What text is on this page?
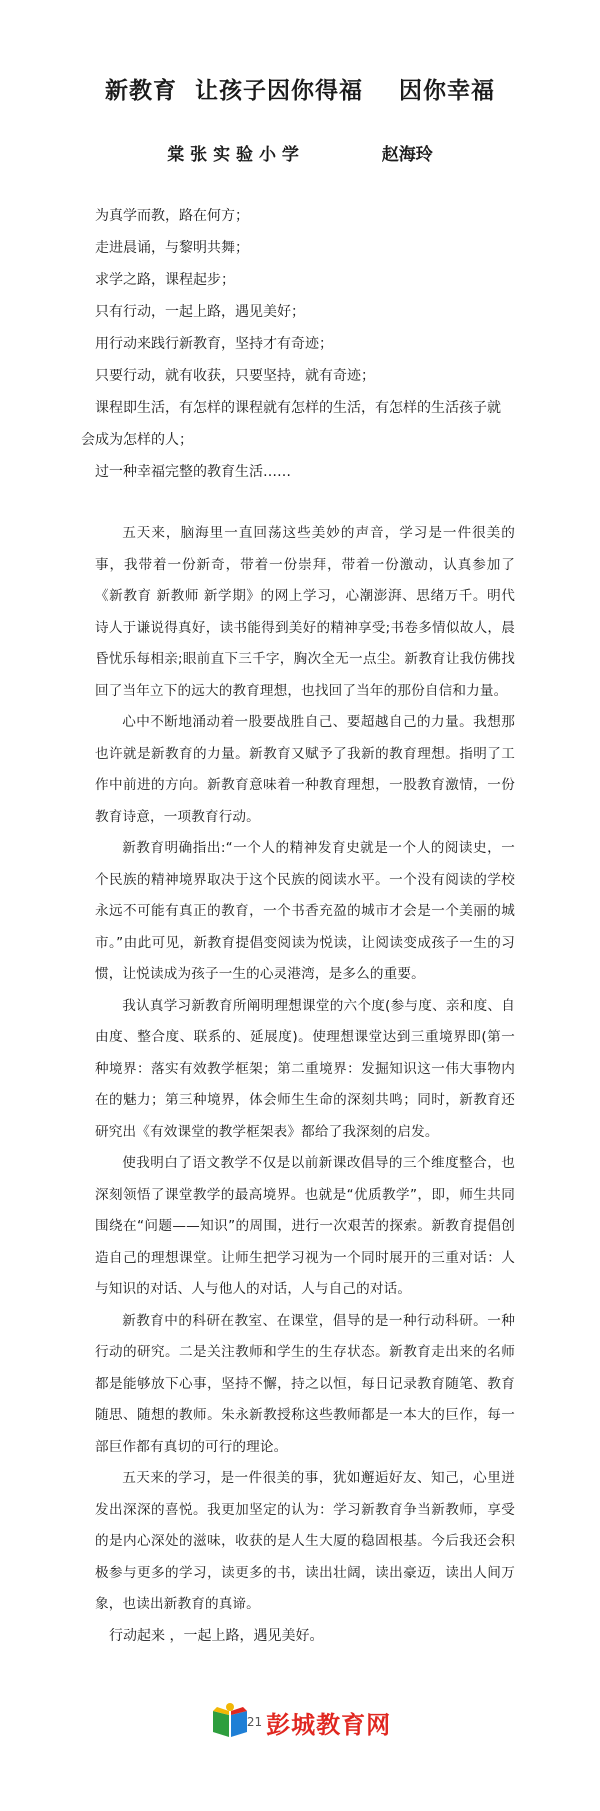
新教育  让孩子因你得福    因你幸福
棠 张 实 验 小 学              赵海玲
为真学而教，路在何方；
走进晨诵，与黎明共舞；
求学之路，课程起步；
只有行动，一起上路，遇见美好；
用行动来践行新教育，坚持才有奇迹；
只要行动，就有收获，只要坚持，就有奇迹；
课程即生活，有怎样的课程就有怎样的生活，有怎样的生活孩子就会成为怎样的人；
过一种幸福完整的教育生活……

五天来，脑海里一直回荡这些美妙的声音，学习是一件很美的事，我带着一份新奇，带着一份崇拜，带着一份激动，认真参加了《新教育 新教师 新学期》的网上学习，心潮澎湃、思绪万千。明代诗人于谦说得真好，读书能得到美好的精神享受;书卷多情似故人，晨昏忧乐每相亲;眼前直下三千字，胸次全无一点尘。新教育让我仿佛找回了当年立下的远大的教育理想，也找回了当年的那份自信和力量。

心中不断地涌动着一股要战胜自己、要超越自己的力量。我想那也许就是新教育的力量。新教育又赋予了我新的教育理想。指明了工作中前进的方向。新教育意味着一种教育理想，一股教育激情，一份教育诗意，一项教育行动。

新教育明确指出:“一个人的精神发育史就是一个人的阅读史，一个民族的精神境界取决于这个民族的阅读水平。一个没有阅读的学校永远不可能有真正的教育，一个书香充盈的城市才会是一个美丽的城市。”由此可见，新教育提倡变阅读为悦读，让阅读变成孩子一生的习惯，让悦读成为孩子一生的心灵港湾，是多么的重要。

我认真学习新教育所阐明理想课堂的六个度(参与度、亲和度、自由度、整合度、联系的、延展度)。使理想课堂达到三重境界即(第一种境界：落实有效教学框架；第二重境界：发掘知识这一伟大事物内在的魅力；第三种境界，体会师生生命的深刻共鸣；同时，新教育还研究出《有效课堂的教学框架表》都给了我深刻的启发。

使我明白了语文教学不仅是以前新课改倡导的三个维度整合，也深刻领悟了课堂教学的最高境界。也就是“优质教学”，即，师生共同围绕在“问题——知识”的周围，进行一次艰苦的探索。新教育提倡创造自己的理想课堂。让师生把学习视为一个同时展开的三重对话：人与知识的对话、人与他人的对话，人与自己的对话。

新教育中的科研在教室、在课堂，倡导的是一种行动科研。一种行动的研究。二是关注教师和学生的生存状态。新教育走出来的名师都是能够放下心事，坚持不懈，持之以恒，每日记录教育随笔、教育随思、随想的教师。朱永新教授称这些教师都是一本大的巨作，每一部巨作都有真切的可行的理论。

五天来的学习，是一件很美的事，犹如邂逅好友、知己，心里迸发出深深的喜悦。我更加坚定的认为：学习新教育争当新教师，享受的是内心深处的滋味，收获的是人生大厦的稳固根基。今后我还会积极参与更多的学习，读更多的书，读出壮阔，读出豪迈，读出人间万象，也读出新教育的真谛。

行动起来 ，一起上路，遇见美好。

21 彭城教育网
